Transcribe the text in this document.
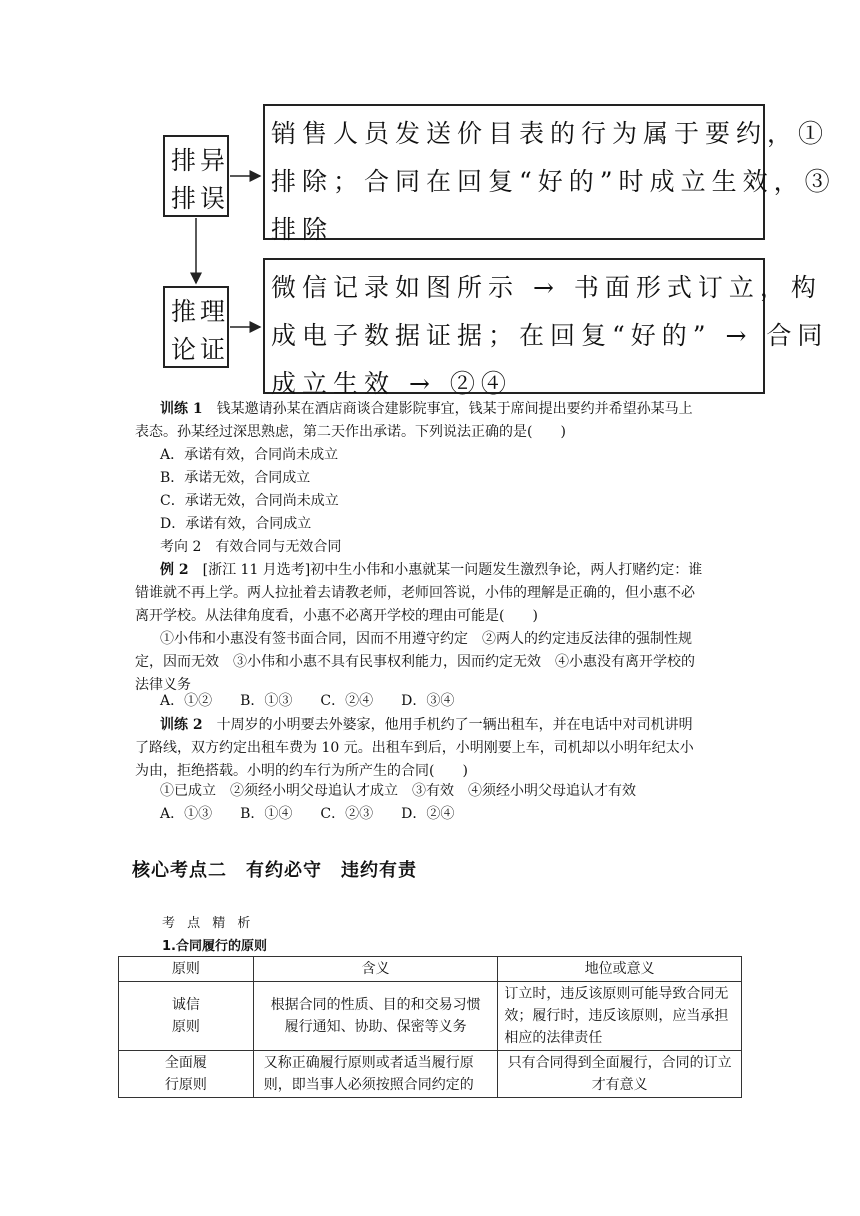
排异
排误

销售人员发送价目表的行为属于要约，①

排除；合同在回复“好的”时成立生效，③

排除

推理
论证

微信记录如图所示 → 书面形式订立，构

成电子数据证据；在回复“好的” → 合同

成立生效 → ②④

训练 1　 钱某邀请孙某在酒店商谈合建影院事宜，钱某于席间提出要约并希望孙某马上
表态。孙某经过深思熟虑，第二天作出承诺。下列说法正确的是(　　)
A．承诺有效，合同尚未成立
B．承诺无效，合同成立
C．承诺无效，合同尚未成立
D．承诺有效，合同成立
考向 2　有效合同与无效合同
例 2　 [浙江 11 月选考]初中生小伟和小惠就某一问题发生激烈争论，两人打赌约定：谁
错谁就不再上学。两人拉扯着去请教老师，老师回答说，小伟的理解是正确的，但小惠不必
离开学校。从法律角度看，小惠不必离开学校的理由可能是(　　)
①小伟和小惠没有签书面合同，因而不用遵守约定　②两人的约定违反法律的强制性规
定，因而无效　③小伟和小惠不具有民事权利能力，因而约定无效　④小惠没有离开学校的
法律义务
A．①②　　B．①③　　C．②④　　D．③④
训练 2　 十周岁的小明要去外婆家，他用手机约了一辆出租车，并在电话中对司机讲明
了路线，双方约定出租车费为 10 元。出租车到后，小明刚要上车，司机却以小明年纪太小
为由，拒绝搭载。小明的约车行为所产生的合同(　　)
①已成立　②须经小明父母追认才成立　③有效　④须经小明父母追认才有效
A．①③　　B．①④　　C．②③　　D．②④
核心考点二　有约必守　违约有责
考 点 精 析
1.合同履行的原则
原则	含义	地位或意义
诚信
原则	根据合同的性质、目的和交易习惯履行通知、协助、保密等义务	订立时，违反该原则可能导致合同无效；履行时，违反该原则，应当承担相应的法律责任
全面履
行原则	又称正确履行原则或者适当履行原则，即当事人必须按照合同约定的	只有合同得到全面履行，合同的订立才有意义
